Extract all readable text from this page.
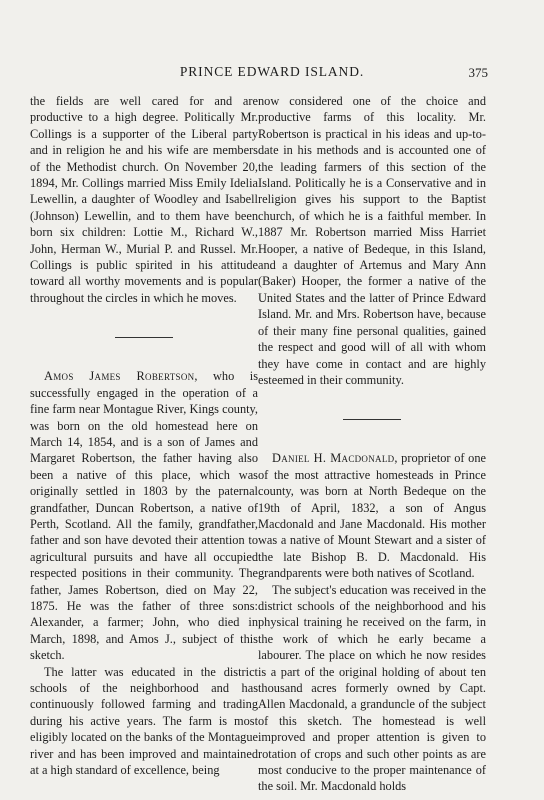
PRINCE EDWARD ISLAND.	375

the fields are well cared for and are productive to a high degree. Politically Mr. Collings is a supporter of the Liberal party and in religion he and his wife are members of the Methodist church. On November 20, 1894, Mr. Collings married Miss Emily Idelia Lewellin, a daughter of Woodley and Isabell (Johnson) Lewellin, and to them have been born six children: Lottie M., Richard W., John, Herman W., Murial P. and Russel. Mr. Collings is public spirited in his attitude toward all worthy movements and is popular throughout the circles in which he moves.

Amos James Robertson, who is successfully engaged in the operation of a fine farm near Montague River, Kings county, was born on the old homestead here on March 14, 1854, and is a son of James and Margaret Robertson, the father having also been a native of this place, which was originally settled in 1803 by the paternal grandfather, Duncan Robertson, a native of Perth, Scotland. All the family, grandfather, father and son have devoted their attention to agricultural pursuits and have all occupied respected positions in their community. The father, James Robertson, died on May 22, 1875. He was the father of three sons: Alexander, a farmer; John, who died in March, 1898, and Amos J., subject of this sketch.

The latter was educated in the district schools of the neighborhood and has continuously followed farming and trading during his active years. The farm is most eligibly located on the banks of the Montague river and has been improved and maintained at a high standard of excellence, being

now considered one of the choice and productive farms of this locality. Mr. Robertson is practical in his ideas and up-to-date in his methods and is accounted one of the leading farmers of this section of the Island. Politically he is a Conservative and in religion gives his support to the Baptist church, of which he is a faithful member. In 1887 Mr. Robertson married Miss Harriet Hooper, a native of Bedeque, in this Island, and a daughter of Artemus and Mary Ann (Baker) Hooper, the former a native of the United States and the latter of Prince Edward Island. Mr. and Mrs. Robertson have, because of their many fine personal qualities, gained the respect and good will of all with whom they have come in contact and are highly esteemed in their community.

Daniel H. Macdonald, proprietor of one of the most attractive homesteads in Prince county, was born at North Bedeque on the 19th of April, 1832, a son of Angus Macdonald and Jane Macdonald. His mother was a native of Mount Stewart and a sister of the late Bishop B. D. Macdonald. His grandparents were both natives of Scotland.

The subject's education was received in the district schools of the neighborhood and his physical training he received on the farm, in the work of which he early became a labourer. The place on which he now resides is a part of the original holding of about ten thousand acres formerly owned by Capt. Allen Macdonald, a granduncle of the subject of this sketch. The homestead is well improved and proper attention is given to rotation of crops and such other points as are most conducive to the proper maintenance of the soil. Mr. Macdonald holds
